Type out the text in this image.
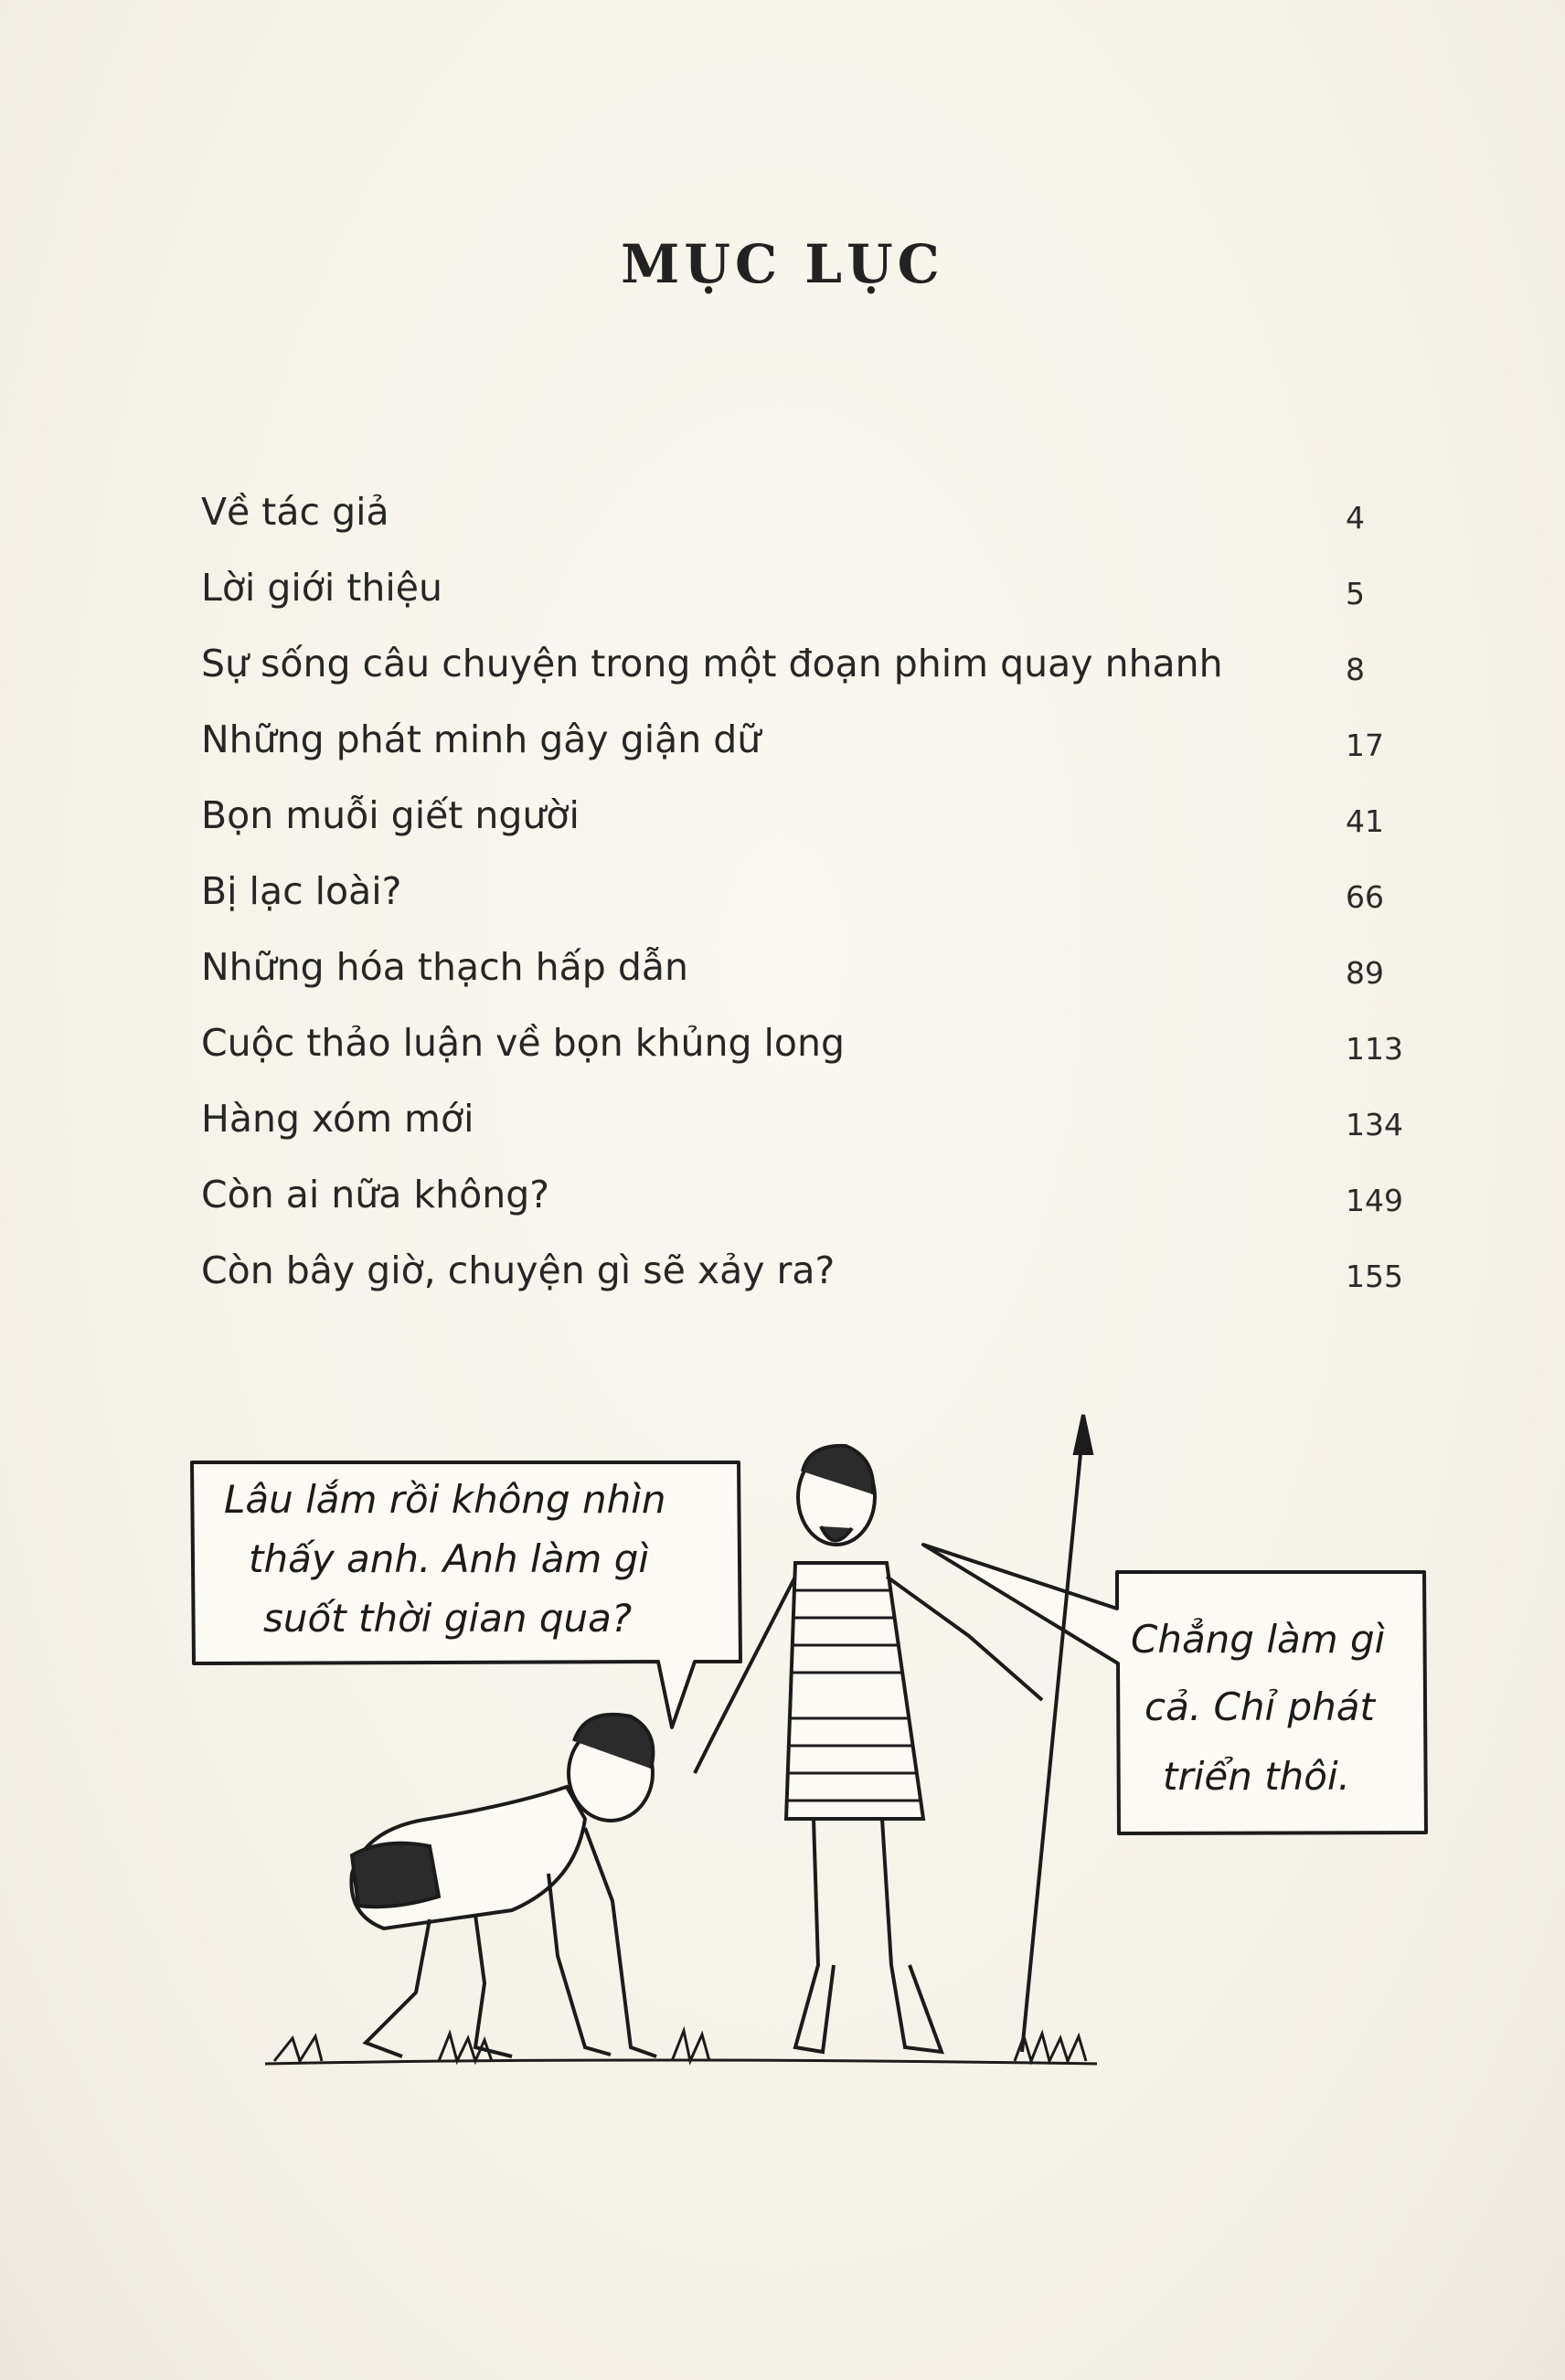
MỤC LỤC
Về tác giả	4
Lời giới thiệu	5
Sự sống câu chuyện trong một đoạn phim quay nhanh	8
Những phát minh gây giận dữ	17
Bọn muỗi giết người	41
Bị lạc loài?	66
Những hóa thạch hấp dẫn	89
Cuộc thảo luận về bọn khủng long	113
Hàng xóm mới	134
Còn ai nữa không?	149
Còn bây giờ, chuyện gì sẽ xảy ra?	155
Lâu lắm rồi không nhìn
thấy anh. Anh làm gì
suốt thời gian qua?	Chẳng làm gì
cả. Chỉ phát
triển thôi.
